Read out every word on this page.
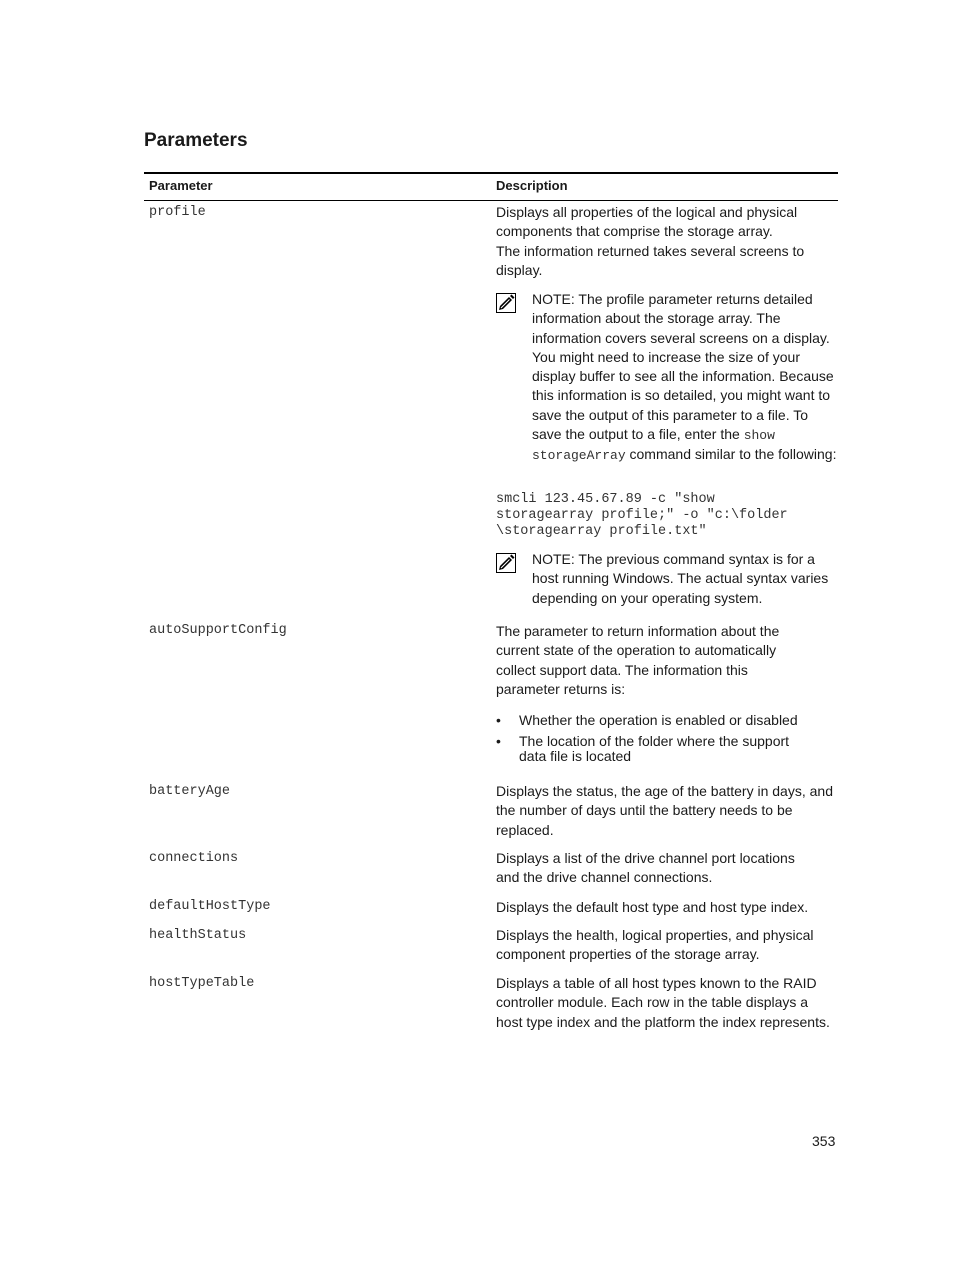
Parameters
Parameter	Description
profile	Displays all properties of the logical and physical components that comprise the storage array.

The information returned takes several screens to display.

NOTE: The profile parameter returns detailed information about the storage array. The information covers several screens on a display. You might need to increase the size of your display buffer to see all the information. Because this information is so detailed, you might want to save the output of this parameter to a file. To save the output to a file, enter the show storageArray command similar to the following:

smcli 123.45.67.89 -c "show
storagearray profile;" -o "c:\folder
\storagearray profile.txt"

NOTE: The previous command syntax is for a host running Windows. The actual syntax varies depending on your operating system.

autoSupportConfig	The parameter to return information about the current state of the operation to automatically collect support data. The information this parameter returns is:

• Whether the operation is enabled or disabled
• The location of the folder where the support data file is located
batteryAge	Displays the status, the age of the battery in days, and the number of days until the battery needs to be replaced.

connections	Displays a list of the drive channel port locations and the drive channel connections.

defaultHostType	Displays the default host type and host type index.

healthStatus	Displays the health, logical properties, and physical component properties of the storage array.

hostTypeTable	Displays a table of all host types known to the RAID controller module. Each row in the table displays a host type index and the platform the index represents.

353
